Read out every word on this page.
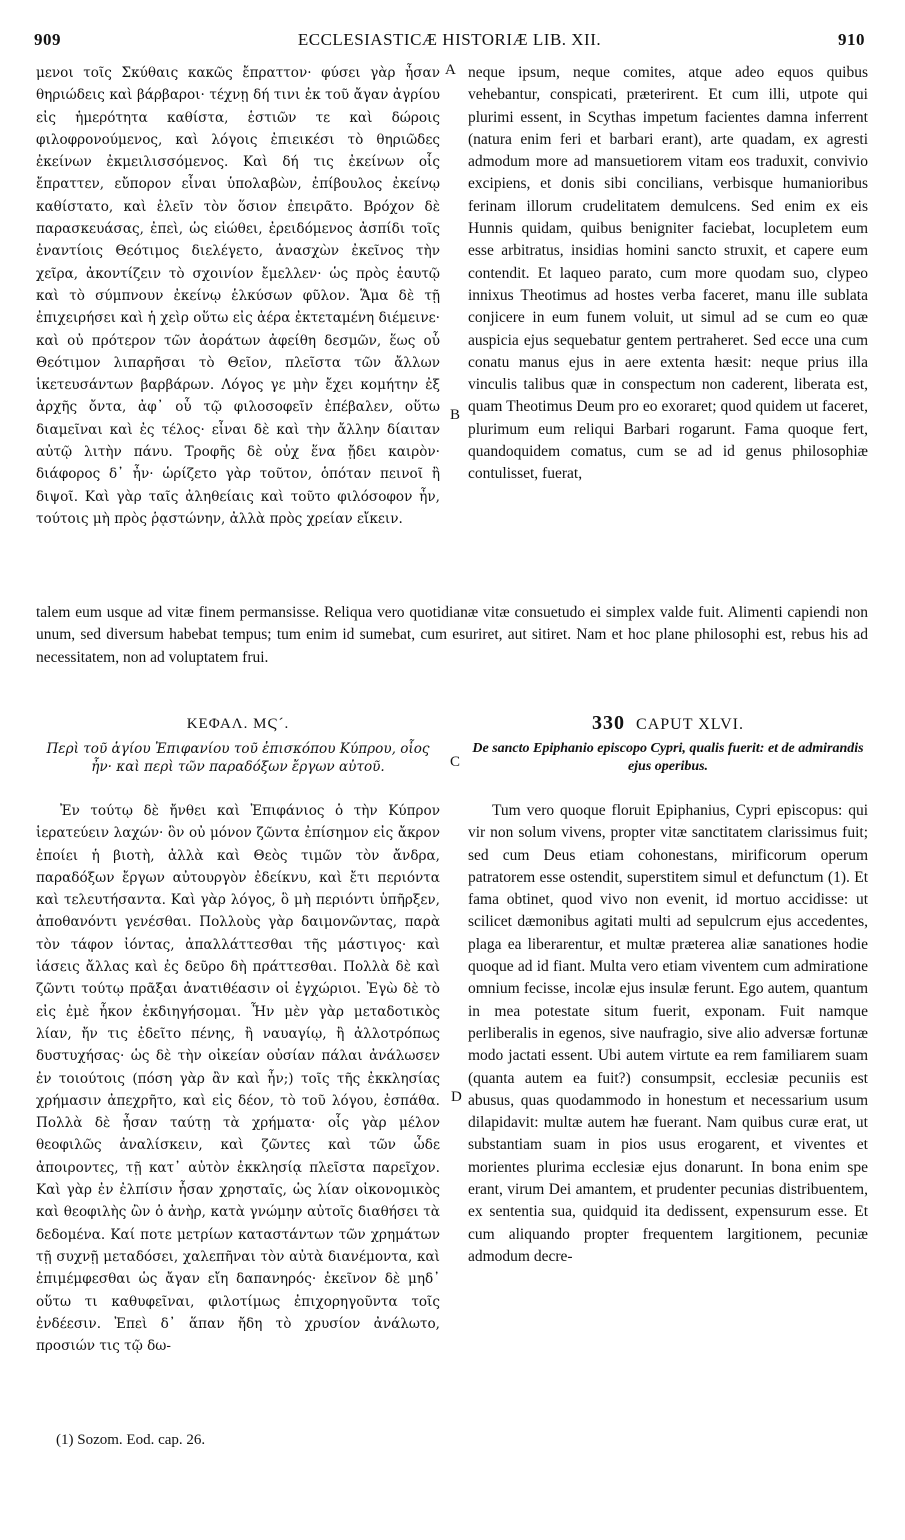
909	ECCLESIASTICÆ HISTORIÆ LIB. XII.	910

μενοι τοῖς Σκύθαις κακῶς ἔπραττον· φύσει γὰρ ἦσαν θηριώδεις καὶ βάρβαροι· τέχνῃ δή τινι ἐκ τοῦ ἄγαν ἀγρίου εἰς ἡμερότητα καθίστα, ἑστιῶν τε καὶ δώροις φιλοφρονούμενος, καὶ λόγοις ἐπιεικέσι τὸ θηριῶδες ἐκείνων ἐκμειλισσόμενος. Καὶ δή τις ἐκείνων οἷς ἔπραττεν, εὔπορον εἶναι ὑπολαβὼν, ἐπίβουλος ἐκείνῳ καθίστατο, καὶ ἑλεῖν τὸν ὅσιον ἐπειρᾶτο. Βρόχον δὲ παρασκευάσας, ἐπεὶ, ὡς εἰώθει, ἐρειδόμενος ἀσπίδι τοῖς ἐναντίοις Θεότιμος διελέγετο, ἀνασχὼν ἐκεῖνος τὴν χεῖρα, ἀκοντίζειν τὸ σχοινίον ἔμελλεν· ὡς πρὸς ἑαυτῷ καὶ τὸ σύμπνουν ἐκείνῳ ἑλκύσων φῦλον. Ἅμα δὲ τῇ ἐπιχειρήσει καὶ ἡ χεὶρ οὕτω εἰς ἀέρα ἐκτεταμένη διέμεινε· καὶ οὐ πρότερον τῶν ἀοράτων ἀφείθη δεσμῶν, ἕως οὗ Θεότιμον λιπαρῆσαι τὸ Θεῖον, πλεῖστα τῶν ἄλλων ἱκετευσάντων βαρβάρων. Λόγος γε μὴν ἔχει κομήτην ἐξ ἀρχῆς ὄντα, ἀφ᾽ οὗ τῷ φιλοσοφεῖν ἐπέβαλεν, οὕτω διαμεῖναι καὶ ἐς τέλος· εἶναι δὲ καὶ τὴν ἄλλην δίαιταν αὐτῷ λιτὴν πάνυ. Τροφῆς δὲ οὐχ ἕνα ᾔδει καιρὸν· διάφορος δ᾽ ἦν· ὡρίζετο γὰρ τοῦτον, ὁπόταν πεινοῖ ἢ διψοῖ. Καὶ γὰρ ταῖς ἀληθείαις καὶ τοῦτο φιλόσοφον ἦν, τούτοις μὴ πρὸς ῥᾳστώνην, ἀλλὰ πρὸς χρείαν εἴκειν.

neque ipsum, neque comites, atque adeo equos quibus vehebantur, conspicati, præterirent. Et cum illi, utpote qui plurimi essent, in Scythas impetum facientes damna inferrent (natura enim feri et barbari erant), arte quadam, ex agresti admodum more ad mansuetiorem vitam eos traduxit, convivio excipiens, et donis sibi concilians, verbisque humanioribus ferinam illorum crudelitatem demulcens. Sed enim ex eis Hunnis quidam, quibus benigniter faciebat, locupletem eum esse arbitratus, insidias homini sancto struxit, et capere eum contendit. Et laqueo parato, cum more quodam suo, clypeo innixus Theotimus ad hostes verba faceret, manu ille sublata conjicere in eum funem voluit, ut simul ad se cum eo quæ auspicia ejus sequebatur gentem pertraheret. Sed ecce una cum conatu manus ejus in aere extenta hæsit: neque prius illa vinculis talibus quæ in conspectum non caderent, liberata est, quam Theotimus Deum pro eo exoraret; quod quidem ut faceret, plurimum eum reliqui Barbari rogarunt. Fama quoque fert, quandoquidem comatus, cum se ad id genus philosophiæ contulisset, fuerat,

A
B
C
D

talem eum usque ad vitæ finem permansisse. Reliqua vero quotidianæ vitæ consuetudo ei simplex valde fuit. Alimenti capiendi non unum, sed diversum habebat tempus; tum enim id sumebat, cum esuriret, aut sitiret. Nam et hoc plane philosophi est, rebus his ad necessitatem, non ad voluptatem frui.

ΚΕΦΑΛ. ΜϚ´.	330 CAPUT XLVI.
Περὶ τοῦ ἁγίου Ἐπιφανίου τοῦ ἐπισκόπου Κύπρου, οἷος ἦν· καὶ περὶ τῶν παραδόξων ἔργων αὐτοῦ.
De sancto Epiphanio episcopo Cypri, qualis fuerit: et de admirandis ejus operibus.

Ἐν τούτῳ δὲ ἤνθει καὶ Ἐπιφάνιος ὁ τὴν Κύπρον ἱερατεύειν λαχών· ὃν οὐ μόνον ζῶντα ἐπίσημον εἰς ἄκρον ἐποίει ἡ βιοτὴ, ἀλλὰ καὶ Θεὸς τιμῶν τὸν ἄνδρα, παραδόξων ἔργων αὐτουργὸν ἐδείκνυ, καὶ ἔτι περιόντα καὶ τελευτήσαντα. Καὶ γὰρ λόγος, ὃ μὴ περιόντι ὑπῆρξεν, ἀποθανόντι γενέσθαι. Πολλοὺς γὰρ δαιμονῶντας, παρὰ τὸν τάφον ἰόντας, ἀπαλλάττεσθαι τῆς μάστιγος· καὶ ἰάσεις ἄλλας καὶ ἐς δεῦρο δὴ πράττεσθαι. Πολλὰ δὲ καὶ ζῶντι τούτῳ πρᾶξαι ἀνατιθέασιν οἱ ἐγχώριοι. Ἐγὼ δὲ τὸ εἰς ἐμὲ ἧκον ἐκδιηγήσομαι. Ἦν μὲν γὰρ μεταδοτικὸς λίαν, ἤν τις ἐδεῖτο πένης, ἢ ναυαγίῳ, ἢ ἀλλοτρόπως δυστυχήσας· ὡς δὲ τὴν οἰκείαν οὐσίαν πάλαι ἀνάλωσεν ἐν τοιούτοις (πόση γὰρ ἂν καὶ ἦν;) τοῖς τῆς ἐκκλησίας χρήμασιν ἀπεχρῆτο, καὶ εἰς δέον, τὸ τοῦ λόγου, ἐσπάθα. Πολλὰ δὲ ἦσαν ταύτῃ τὰ χρήματα· οἷς γὰρ μέλον θεοφιλῶς ἀναλίσκειν, καὶ ζῶντες καὶ τῶν ὧδε ἀποιροντες, τῇ κατ᾽ αὐτὸν ἐκκλησίᾳ πλεῖστα παρεῖχον. Καὶ γὰρ ἐν ἐλπίσιν ἦσαν χρησταῖς, ὡς λίαν οἰκονομικὸς καὶ θεοφιλὴς ὢν ὁ ἀνὴρ, κατὰ γνώμην αὐτοῖς διαθήσει τὰ δεδομένα. Καί ποτε μετρίων καταστάντων τῶν χρημάτων τῇ συχνῇ μεταδόσει, χαλεπῆναι τὸν αὐτὰ διανέμοντα, καὶ ἐπιμέμφεσθαι ὡς ἄγαν εἴη δαπανηρός· ἐκεῖνον δὲ μηδ᾽ οὕτω τι καθυφεῖναι, φιλοτίμως ἐπιχορηγοῦντα τοῖς ἐνδέεσιν. Ἐπεὶ δ᾽ ἅπαν ἤδη τὸ χρυσίον ἀνάλωτο, προσιών τις τῷ δω-

Tum vero quoque floruit Epiphanius, Cypri episcopus: qui vir non solum vivens, propter vitæ sanctitatem clarissimus fuit; sed cum Deus etiam cohonestans, mirificorum operum patratorem esse ostendit, superstitem simul et defunctum (1). Et fama obtinet, quod vivo non evenit, id mortuo accidisse: ut scilicet dæmonibus agitati multi ad sepulcrum ejus accedentes, plaga ea liberarentur, et multæ præterea aliæ sanationes hodie quoque ad id fiant. Multa vero etiam viventem cum admiratione omnium fecisse, incolæ ejus insulæ ferunt. Ego autem, quantum in mea potestate situm fuerit, exponam. Fuit namque perliberalis in egenos, sive naufragio, sive alio adversæ fortunæ modo jactati essent. Ubi autem virtute ea rem familiarem suam (quanta autem ea fuit?) consumpsit, ecclesiæ pecuniis est abusus, quas quodammodo in honestum et necessarium usum dilapidavit: multæ autem hæ fuerant. Nam quibus curæ erat, ut substantiam suam in pios usus erogarent, et viventes et morientes plurima ecclesiæ ejus donarunt. In bona enim spe erant, virum Dei amantem, et prudenter pecunias distribuentem, ex sententia sua, quidquid ita dedissent, expensurum esse. Et cum aliquando propter frequentem largitionem, pecuniæ admodum decre-

(1) Sozom. Eod. cap. 26.
